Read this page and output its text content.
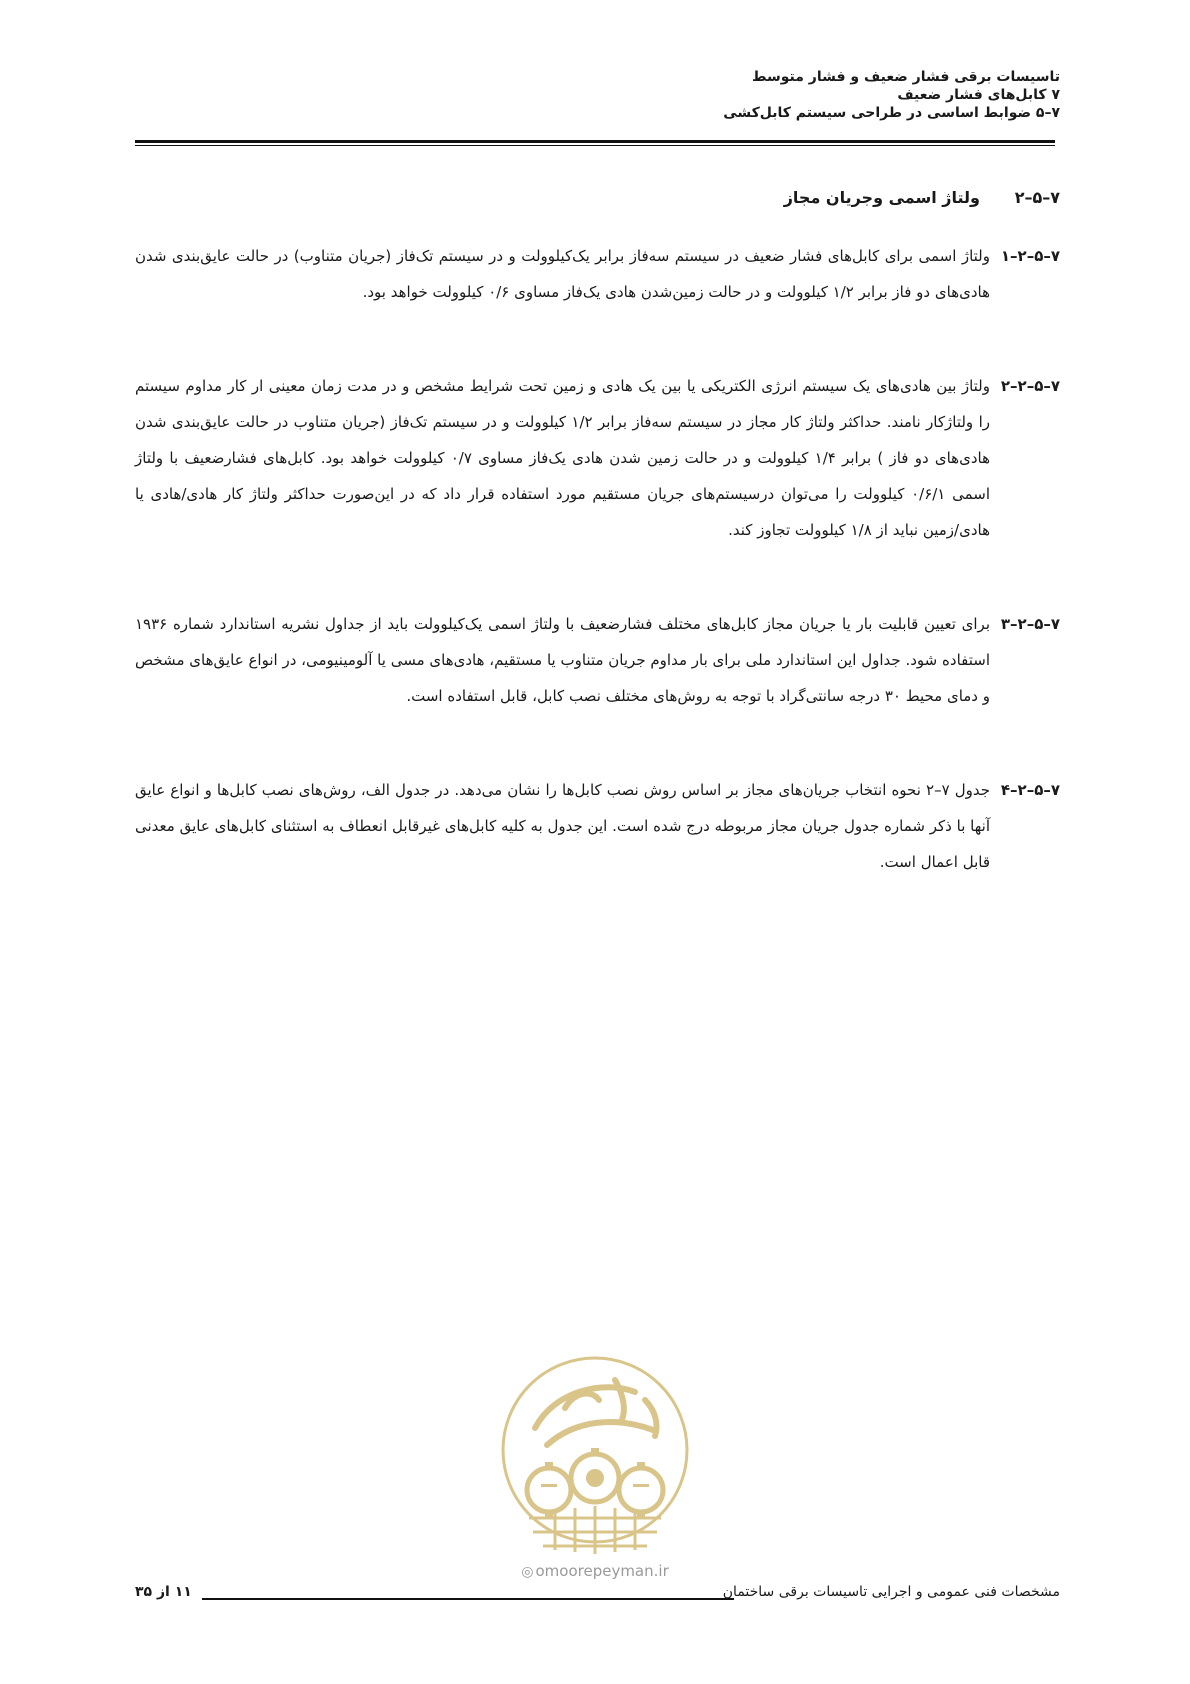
تاسیسات برقی فشار ضعیف و فشار متوسط
۷ کابل‌های فشار ضعیف
۷–۵ ضوابط اساسی در طراحی سیستم کابل‌کشی
۷–۵–۲
ولتاژ اسمی وجریان مجاز
۷–۵–۲–۱
ولتاژ اسمی برای کابل‌های فشار ضعیف در سیستم سه‌فاز برابر یک‌کیلوولت و در سیستم تک‌فاز (جریان متناوب) در حالت عایق‌بندی شدن هادی‌های دو فاز برابر ۱/۲ کیلوولت و در حالت زمین‌شدن هادی یک‌فاز مساوی ۰/۶ کیلوولت خواهد بود.
۷–۵–۲–۲
ولتاژ بین هادی‌های یک سیستم انرژی الکتریکی یا بین یک هادی و زمین تحت شرایط مشخص و در مدت زمان معینی ار کار مداوم سیستم را ولتاژکار نامند. حداکثر ولتاژ کار مجاز در سیستم سه‌فاز برابر ۱/۲ کیلوولت و در سیستم تک‌فاز (جریان متناوب در حالت عایق‌بندی شدن هادی‌های دو فاز ) برابر ۱/۴ کیلوولت و در حالت زمین شدن هادی یک‌فاز مساوی ۰/۷ کیلوولت خواهد بود. کابل‌های فشارضعیف با ولتاژ اسمی ۰/۶/۱ کیلوولت را می‌توان درسیستم‌های جریان مستقیم مورد استفاده قرار داد که در این‌صورت حداکثر ولتاژ کار هادی/هادی یا هادی/زمین نباید از ۱/۸ کیلوولت تجاوز کند.
۷–۵–۲–۳
برای تعیین قابلیت بار یا جریان مجاز کابل‌های مختلف فشارضعیف با ولتاژ اسمی یک‌کیلوولت باید از جداول نشریه استاندارد شماره ۱۹۳۶ استفاده شود. جداول این استاندارد ملی برای بار مداوم جریان متناوب یا مستقیم، هادی‌های مسی یا آلومینیومی، در انواع عایق‌های مشخص و دمای محیط ۳۰ درجه سانتی‌گراد با توجه به روش‌های مختلف نصب کابل، قابل استفاده است.
۷–۵–۲–۴
جدول ۷–۲ نحوه انتخاب جریان‌های مجاز بر اساس روش نصب کابل‌ها را نشان می‌دهد. در جدول الف، روش‌های نصب کابل‌ها و انواع عایق آنها با ذکر شماره جدول جریان مجاز مربوطه درج شده است. این جدول به کلیه کابل‌های غیرقابل انعطاف به استثنای کابل‌های عایق معدنی قابل اعمال است.
◎ omoorepeyman.ir
۱۱ از ۳۵	مشخصات فنی عمومی و اجرایی تاسیسات برقی ساختمان
